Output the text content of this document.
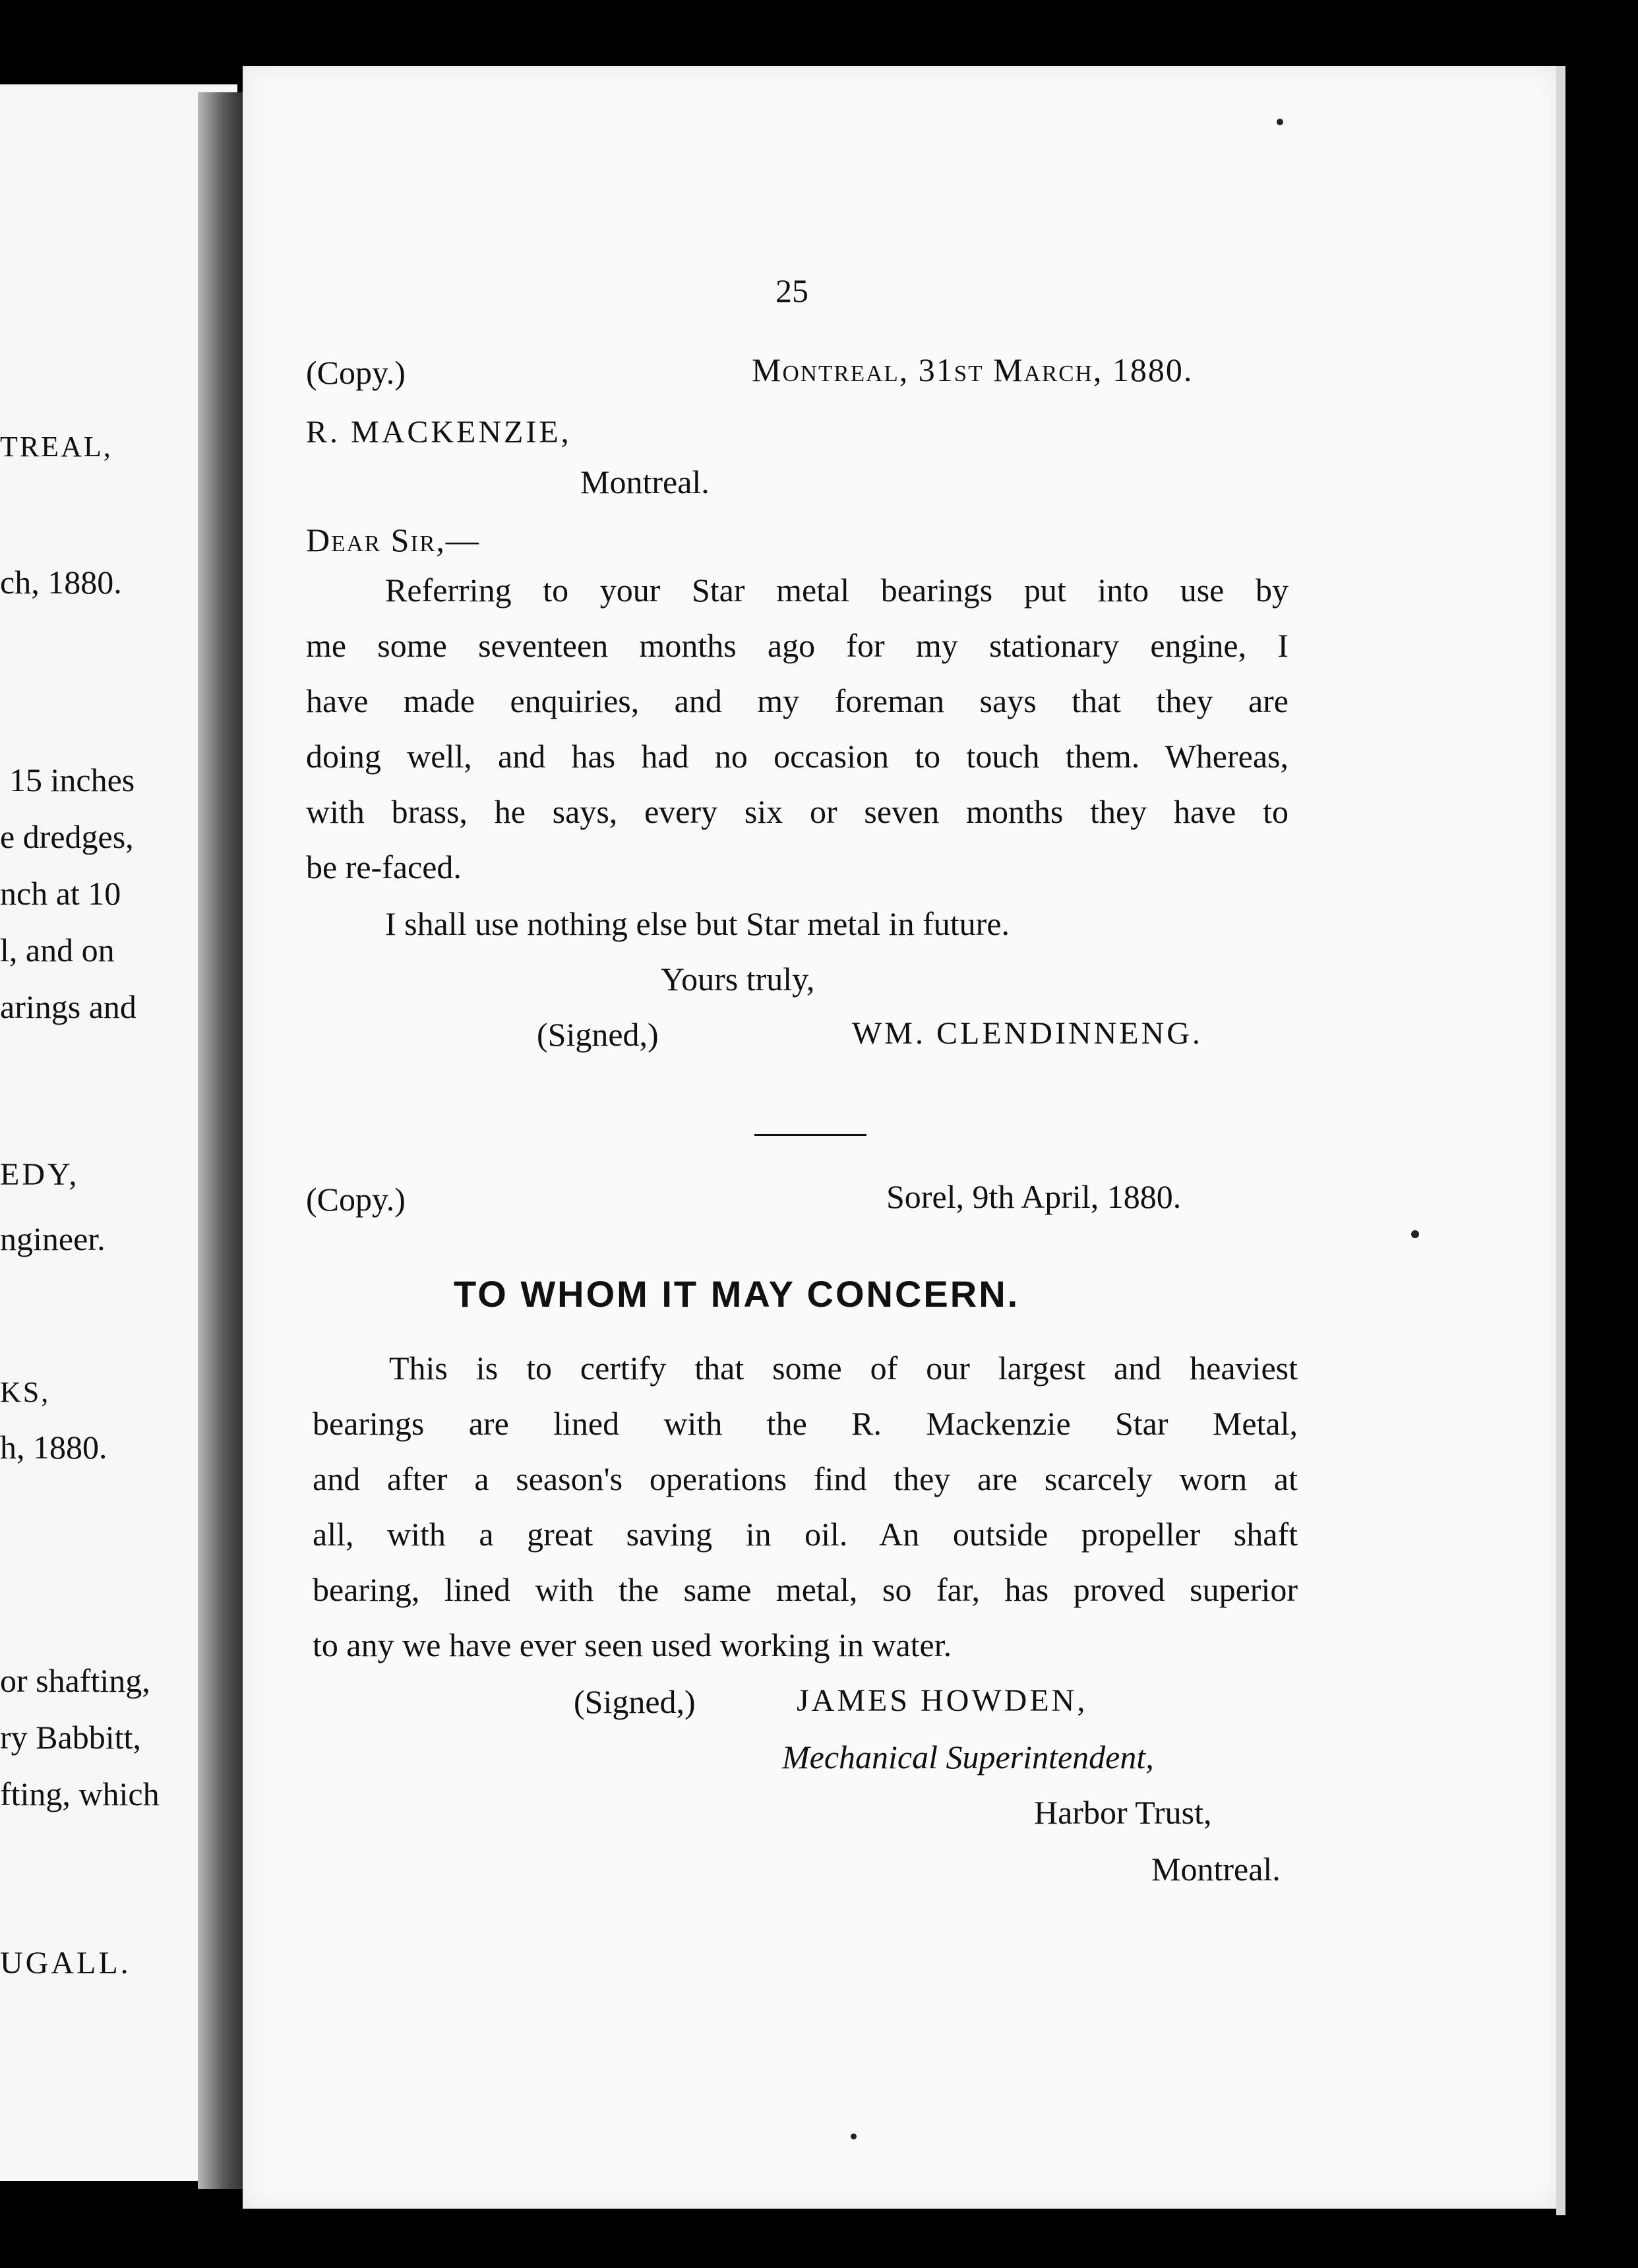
TREAL,
ch, 1880.
15 inches
e dredges,
nch at 10
l, and on
arings and
EDY,
ngineer.
KS,
h, 1880.
or shafting,
ry Babbitt,
fting, which
UGALL.
25
(Copy.)	Montreal, 31st March, 1880.
R. MACKENZIE,
Montreal.
Dear Sir,—
Referring to your Star metal bearings put into use by
me some seventeen months ago for my stationary engine, I
have made enquiries, and my foreman says that they are
doing well, and has had no occasion to touch them. Whereas,
with brass, he says, every six or seven months they have to
be re-faced.
I shall use nothing else but Star metal in future.
Yours truly,
(Signed,)	WM. CLENDINNENG.
(Copy.)	Sorel, 9th April, 1880.
TO WHOM IT MAY CONCERN.
This is to certify that some of our largest and heaviest
bearings are lined with the R. Mackenzie Star Metal,
and after a season's operations find they are scarcely worn at
all, with a great saving in oil. An outside propeller shaft
bearing, lined with the same metal, so far, has proved superior
to any we have ever seen used working in water.
(Signed,)	JAMES HOWDEN,
Mechanical Superintendent,
Harbor Trust,
Montreal.
